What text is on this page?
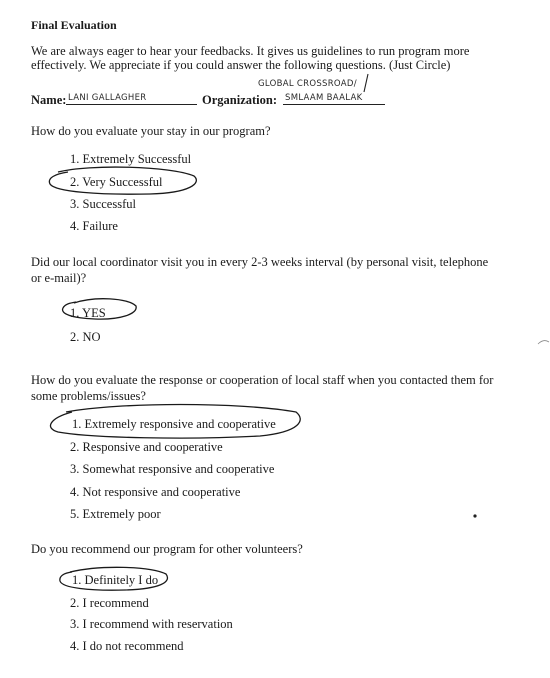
Final Evaluation
We are always eager to hear your feedbacks. It gives us guidelines to run program more effectively. We appreciate if you could answer the following questions. (Just Circle)
Name: LANI GALLAGHER	Organization:
GLOBAL CROSSROAD/
SMLAAM BAALAK
How do you evaluate your stay in our program?
1. Extremely Successful
2. Very Successful
3. Successful
4. Failure
Did our local coordinator visit you in every 2-3 weeks interval (by personal visit, telephone
or e-mail)?
1. YES
2. NO
How do you evaluate the response or cooperation of local staff when you contacted them for
some problems/issues?
1. Extremely responsive and cooperative
2. Responsive and cooperative
3. Somewhat responsive and cooperative
4. Not responsive and cooperative
5. Extremely poor
Do you recommend our program for other volunteers?
1. Definitely I do
2. I recommend
3. I recommend with reservation
4. I do not recommend
